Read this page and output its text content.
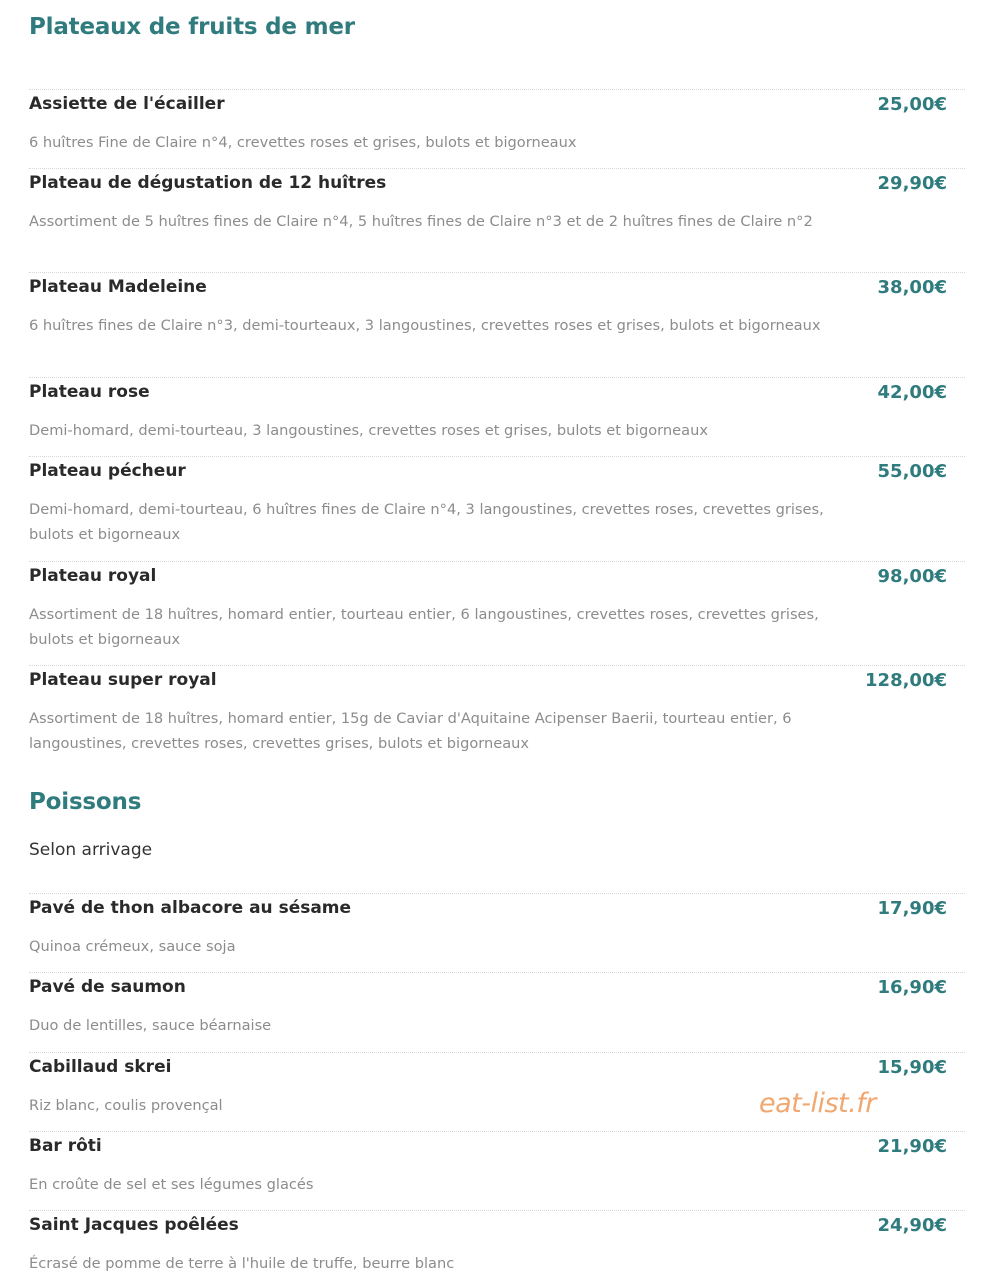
Plateaux de fruits de mer
Assiette de l'écailler	25,00€
6 huîtres Fine de Claire n°4, crevettes roses et grises, bulots et bigorneaux
Plateau de dégustation de 12 huîtres	29,90€
Assortiment de 5 huîtres fines de Claire n°4, 5 huîtres fines de Claire n°3 et de 2 huîtres fines de Claire n°2
Plateau Madeleine	38,00€
6 huîtres fines de Claire n°3, demi-tourteaux, 3 langoustines, crevettes roses et grises, bulots et bigorneaux
Plateau rose	42,00€
Demi-homard, demi-tourteau, 3 langoustines, crevettes roses et grises, bulots et bigorneaux
Plateau pécheur	55,00€
Demi-homard, demi-tourteau, 6 huîtres fines de Claire n°4, 3 langoustines, crevettes roses, crevettes grises, bulots et bigorneaux
Plateau royal	98,00€
Assortiment de 18 huîtres, homard entier, tourteau entier, 6 langoustines, crevettes roses, crevettes grises, bulots et bigorneaux
Plateau super royal	128,00€
Assortiment de 18 huîtres, homard entier, 15g de Caviar d'Aquitaine Acipenser Baerii, tourteau entier, 6 langoustines, crevettes roses, crevettes grises, bulots et bigorneaux
Poissons
Selon arrivage
Pavé de thon albacore au sésame	17,90€
Quinoa crémeux, sauce soja
Pavé de saumon	16,90€
Duo de lentilles, sauce béarnaise
Cabillaud skrei	15,90€
Riz blanc, coulis provençal
Bar rôti	21,90€
En croûte de sel et ses légumes glacés
Saint Jacques poêlées	24,90€
Écrasé de pomme de terre à l'huile de truffe, beurre blanc
eat-list.fr
